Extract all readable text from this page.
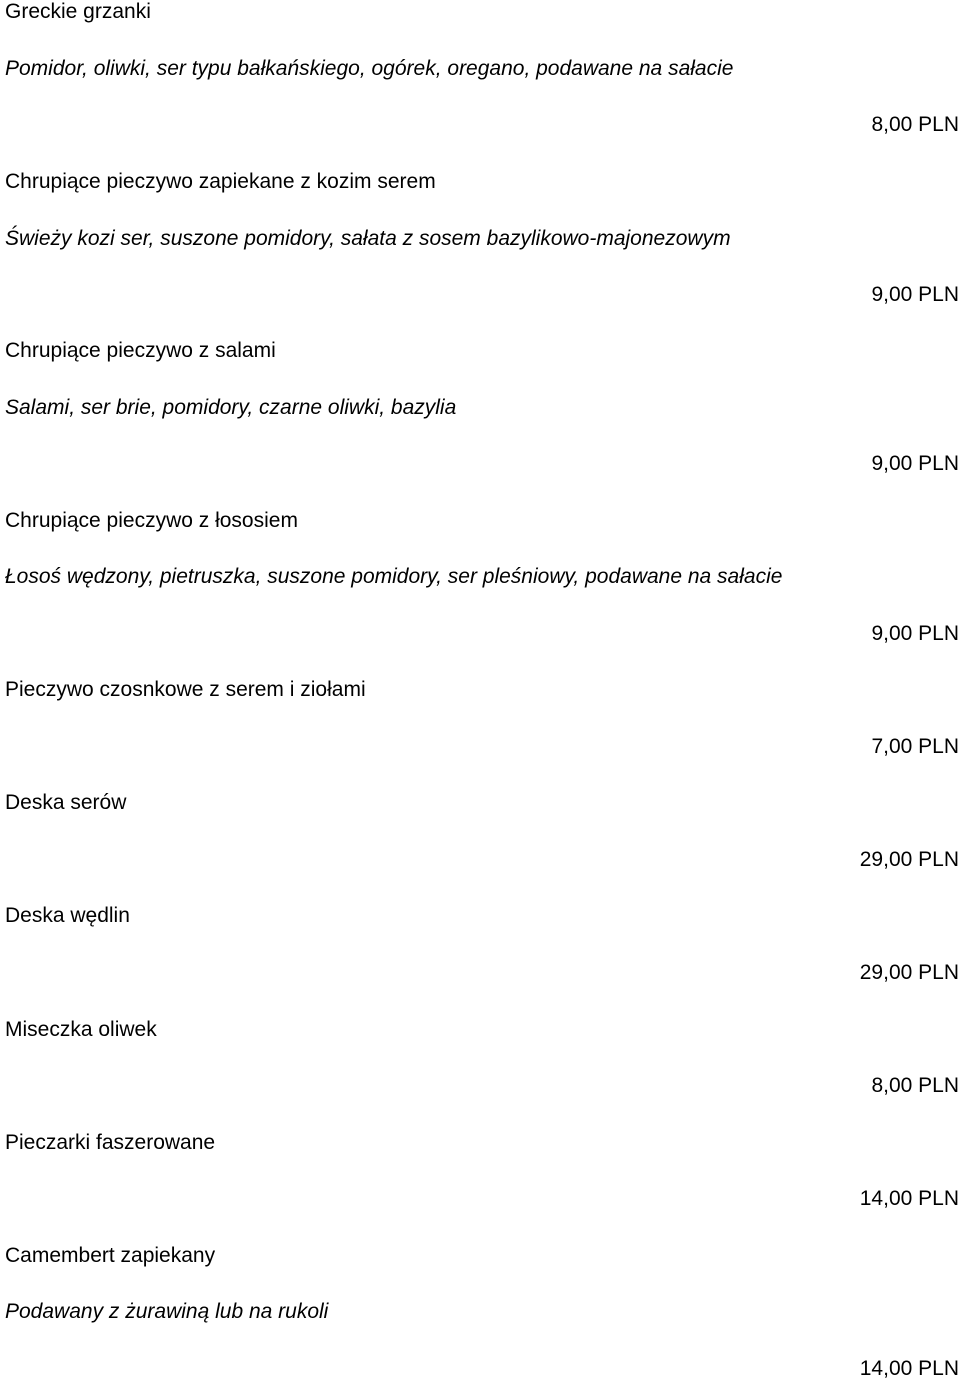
Greckie grzanki

Pomidor, oliwki, ser typu bałkańskiego, ogórek, oregano, podawane na sałacie

8,00 PLN

Chrupiące pieczywo zapiekane z kozim serem

Świeży kozi ser, suszone pomidory, sałata z sosem bazylikowo-majonezowym

9,00 PLN

Chrupiące pieczywo z salami

Salami, ser brie, pomidory, czarne oliwki, bazylia

9,00 PLN

Chrupiące pieczywo z łososiem

Łosoś wędzony, pietruszka, suszone pomidory, ser pleśniowy, podawane na sałacie

9,00 PLN

Pieczywo czosnkowe z serem i ziołami

7,00 PLN

Deska serów

29,00 PLN

Deska wędlin

29,00 PLN

Miseczka oliwek

8,00 PLN

Pieczarki faszerowane

14,00 PLN

Camembert zapiekany

Podawany z żurawiną lub na rukoli

14,00 PLN
